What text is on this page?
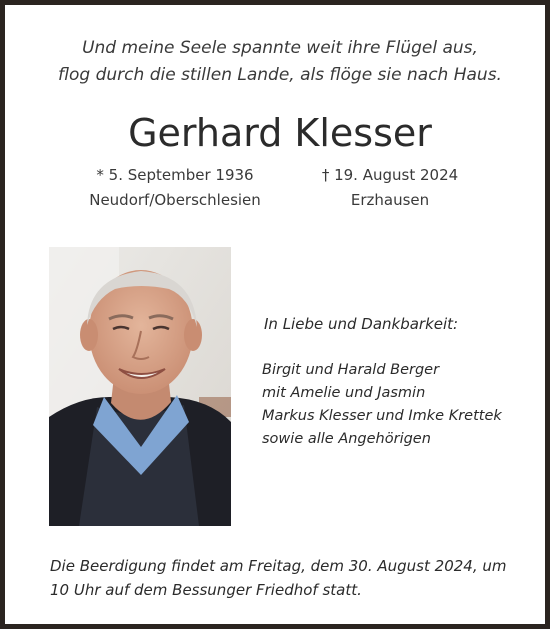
Und meine Seele spannte weit ihre Flügel aus,
flog durch die stillen Lande, als flöge sie nach Haus.
Gerhard Klesser
* 5. September 1936
Neudorf/Oberschlesien
† 19. August 2024
Erzhausen
In Liebe und Dankbarkeit:
Birgit und Harald Berger
mit Amelie und Jasmin
Markus Klesser und Imke Krettek
sowie alle Angehörigen
Die Beerdigung findet am Freitag, dem 30. August 2024, um
10 Uhr auf dem Bessunger Friedhof statt.
